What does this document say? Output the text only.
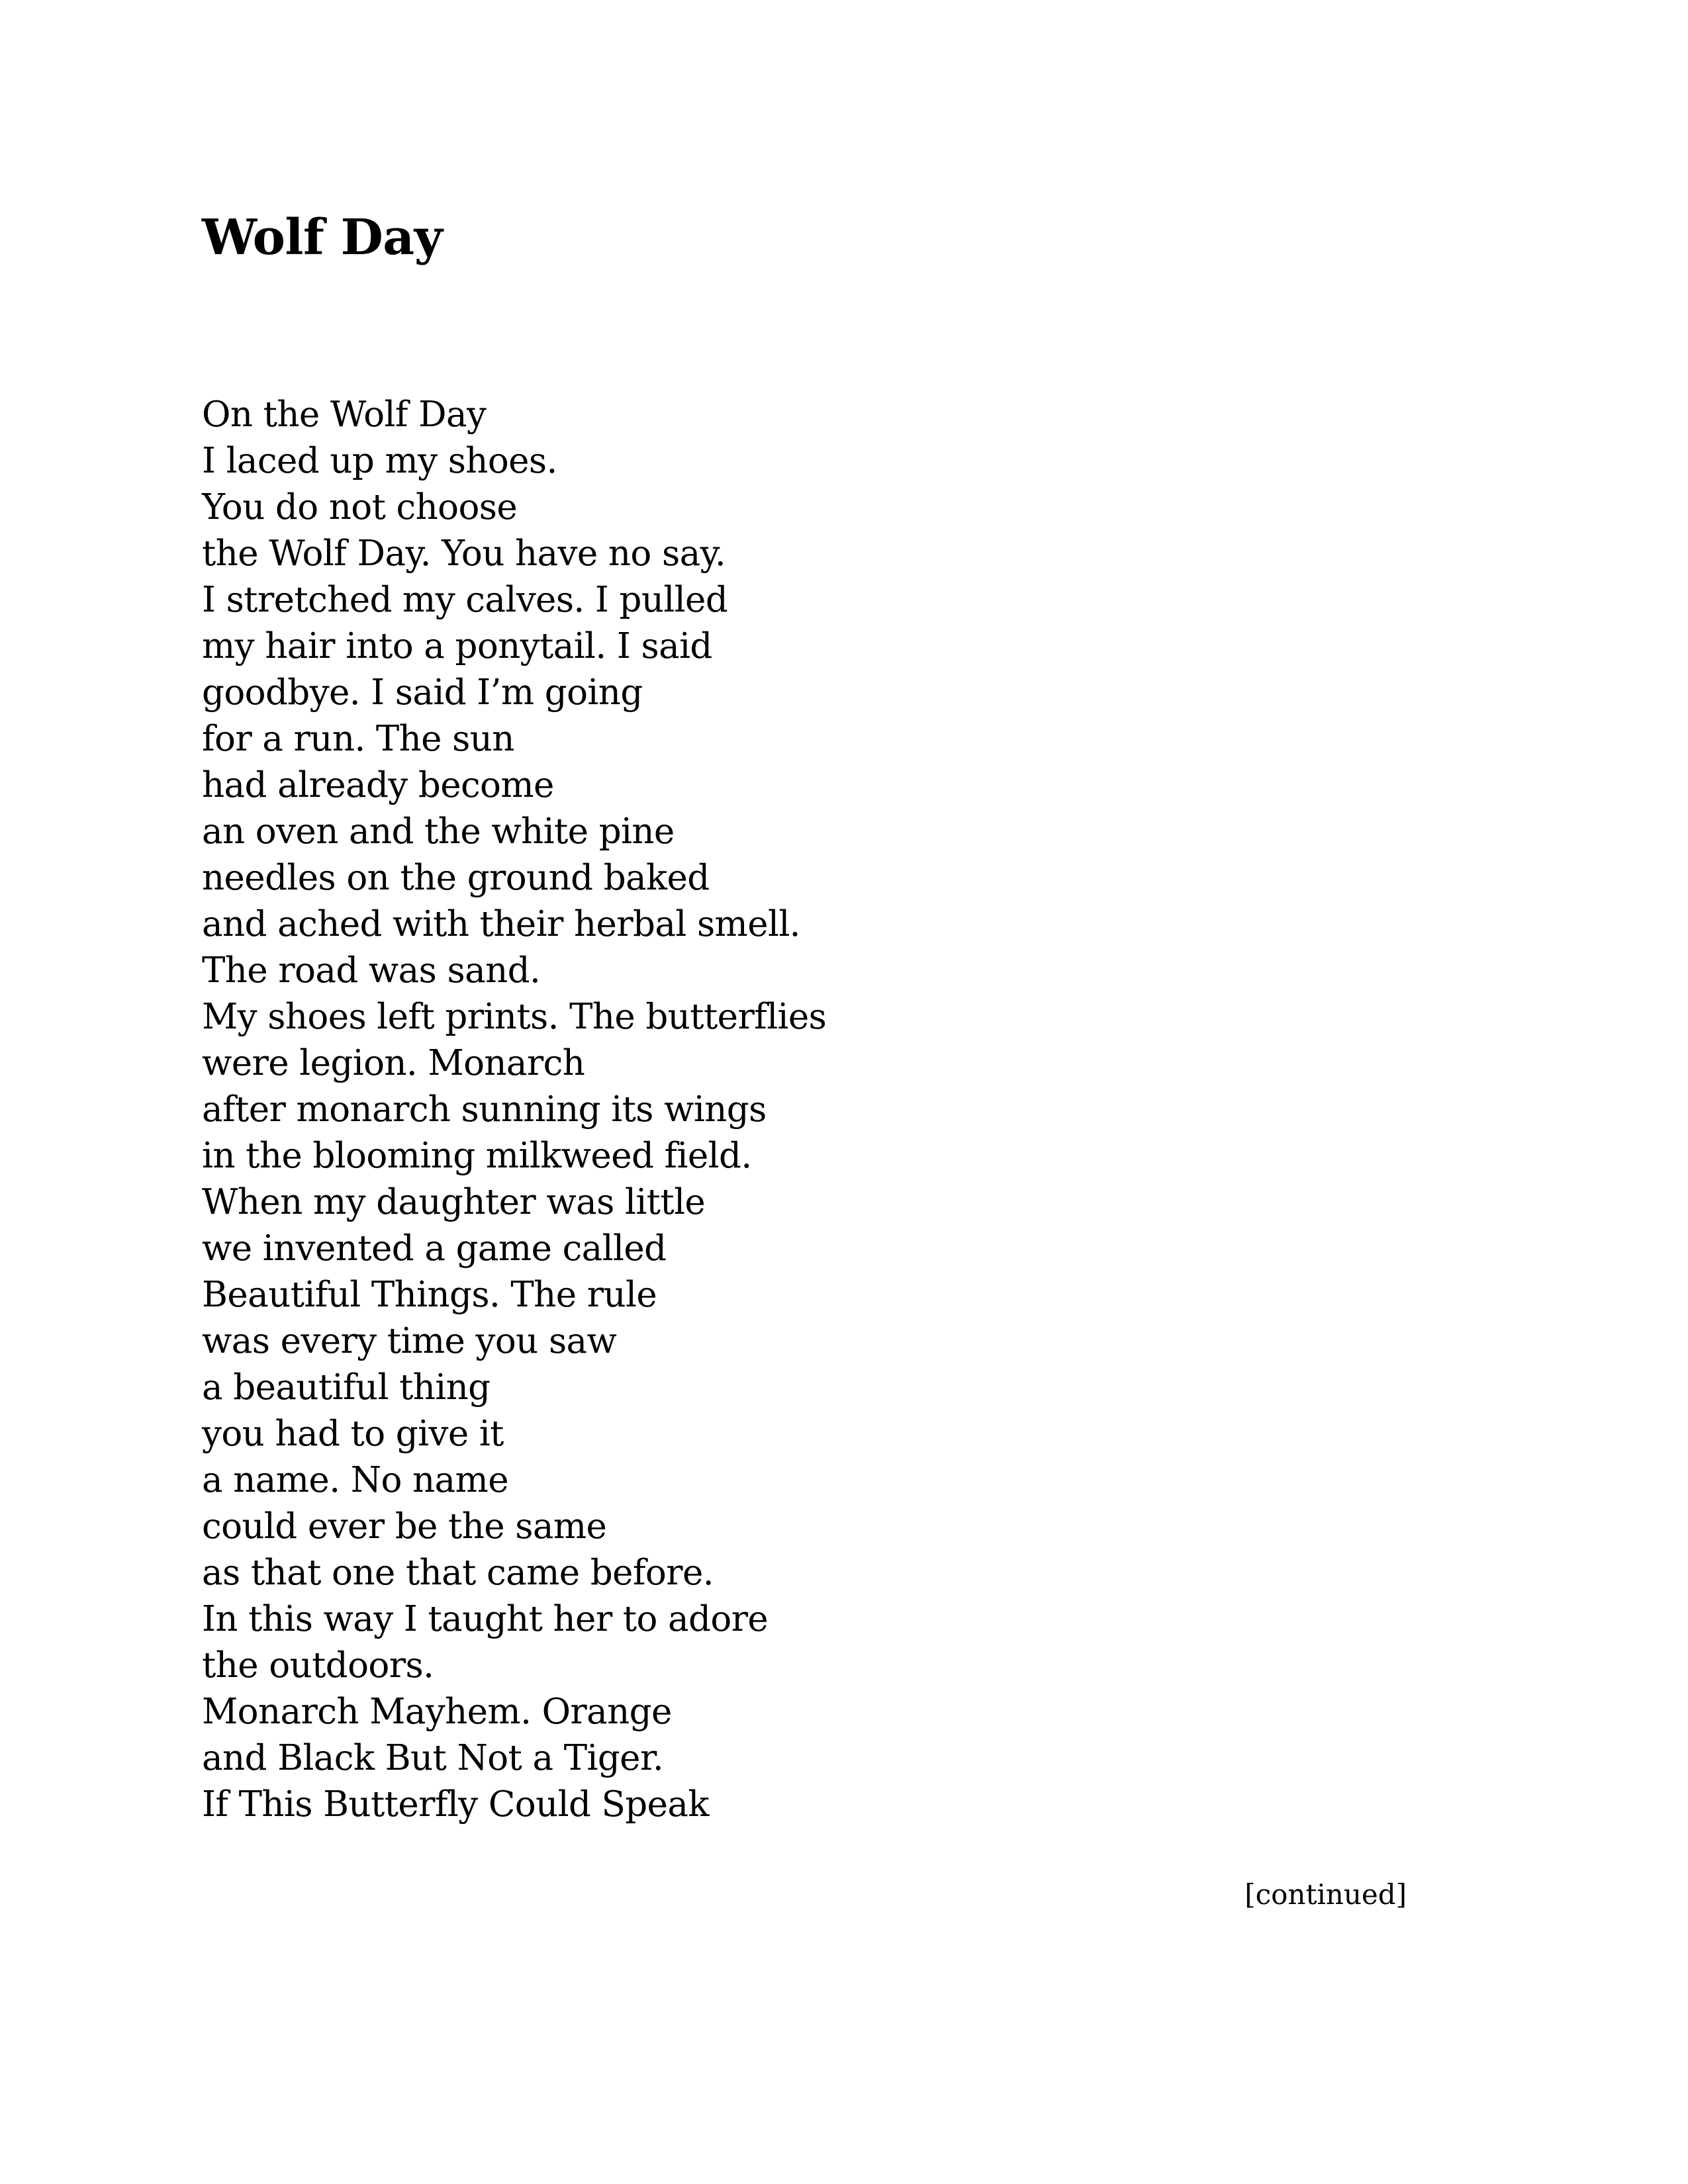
Wolf Day
On the Wolf Day
I laced up my shoes.
You do not choose
the Wolf Day. You have no say.
I stretched my calves. I pulled
my hair into a ponytail. I said
goodbye. I said I’m going
for a run. The sun
had already become
an oven and the white pine
needles on the ground baked
and ached with their herbal smell.
The road was sand.
My shoes left prints. The butterflies
were legion. Monarch
after monarch sunning its wings
in the blooming milkweed field.
When my daughter was little
we invented a game called
Beautiful Things. The rule
was every time you saw
a beautiful thing
you had to give it
a name. No name
could ever be the same
as that one that came before.
In this way I taught her to adore
the outdoors.
Monarch Mayhem. Orange
and Black But Not a Tiger.
If This Butterfly Could Speak
[continued]
